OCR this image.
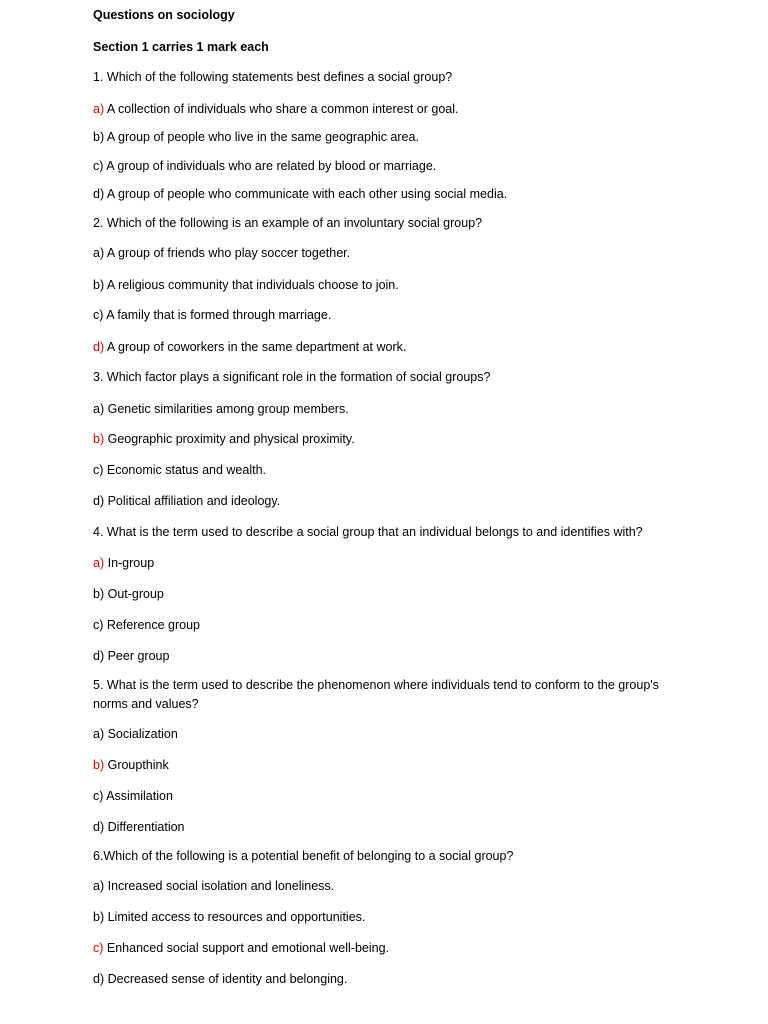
Questions on sociology
Section 1 carries 1 mark each
1. Which of the following statements best defines a social group?
a) A collection of individuals who share a common interest or goal.
b) A group of people who live in the same geographic area.
c) A group of individuals who are related by blood or marriage.
d) A group of people who communicate with each other using social media.
2. Which of the following is an example of an involuntary social group?
a) A group of friends who play soccer together.
b) A religious community that individuals choose to join.
c) A family that is formed through marriage.
d) A group of coworkers in the same department at work.
3. Which factor plays a significant role in the formation of social groups?
a) Genetic similarities among group members.
b) Geographic proximity and physical proximity.
c) Economic status and wealth.
d) Political affiliation and ideology.
4. What is the term used to describe a social group that an individual belongs to and identifies with?
a) In-group
b) Out-group
c) Reference group
d) Peer group
5. What is the term used to describe the phenomenon where individuals tend to conform to the group's norms and values?
a) Socialization
b) Groupthink
c) Assimilation
d) Differentiation
6.Which of the following is a potential benefit of belonging to a social group?
a) Increased social isolation and loneliness.
b) Limited access to resources and opportunities.
c) Enhanced social support and emotional well-being.
d) Decreased sense of identity and belonging.
